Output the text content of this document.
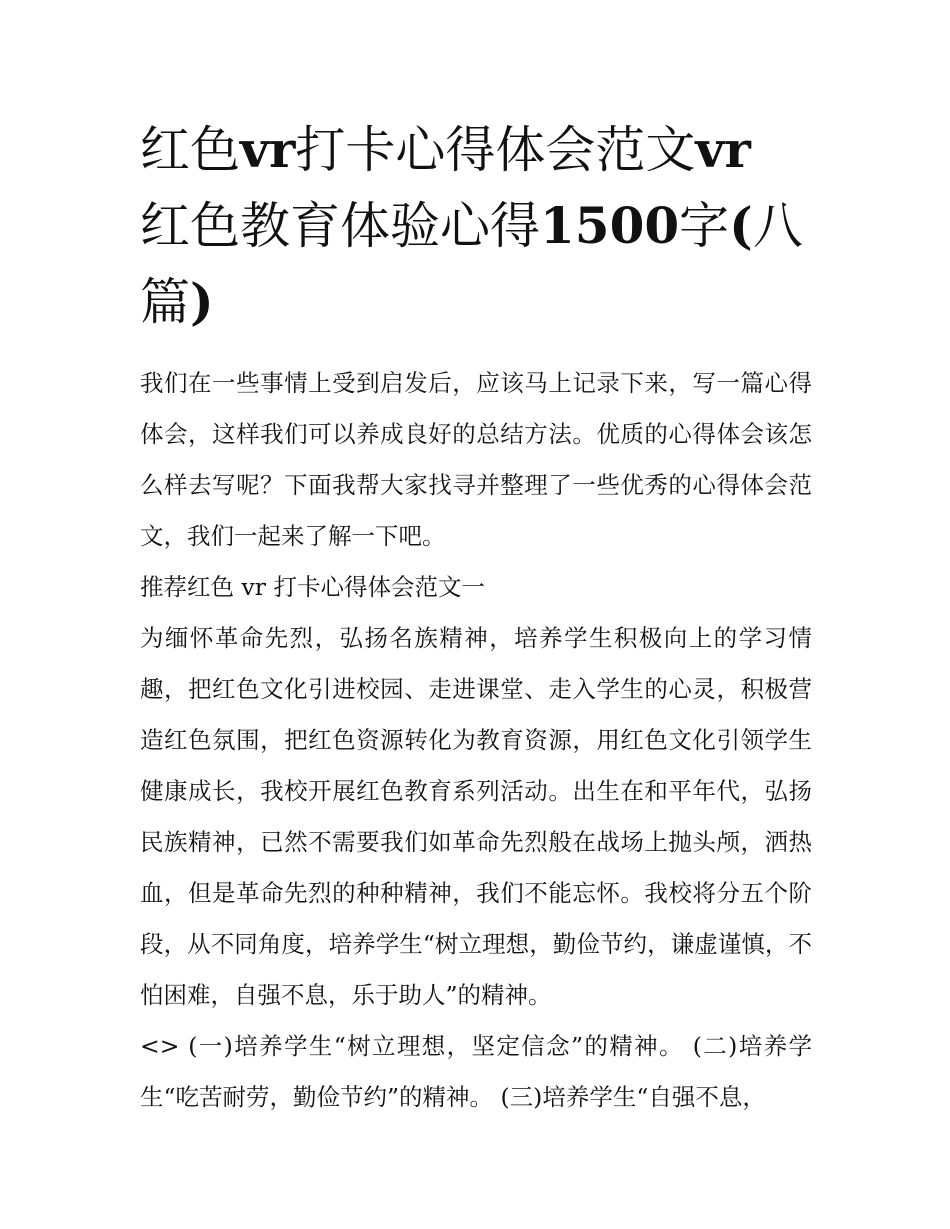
红色vr打卡心得体会范文vr
红色教育体验心得1500字(八篇)

我们在一些事情上受到启发后，应该马上记录下来，写一篇心得体会，这样我们可以养成良好的总结方法。优质的心得体会该怎么样去写呢？下面我帮大家找寻并整理了一些优秀的心得体会范文，我们一起来了解一下吧。

推荐红色 vr 打卡心得体会范文一

为缅怀革命先烈，弘扬名族精神，培养学生积极向上的学习情趣，把红色文化引进校园、走进课堂、走入学生的心灵，积极营造红色氛围，把红色资源转化为教育资源，用红色文化引领学生健康成长，我校开展红色教育系列活动。出生在和平年代，弘扬民族精神，已然不需要我们如革命先烈般在战场上抛头颅，洒热血，但是革命先烈的种种精神，我们不能忘怀。我校将分五个阶段，从不同角度，培养学生“树立理想，勤俭节约，谦虚谨慎，不怕困难，自强不息，乐于助人”的精神。

<> (一)培养学生“树立理想，坚定信念”的精神。 (二)培养学生“吃苦耐劳，勤俭节约”的精神。 (三)培养学生“自强不息，
